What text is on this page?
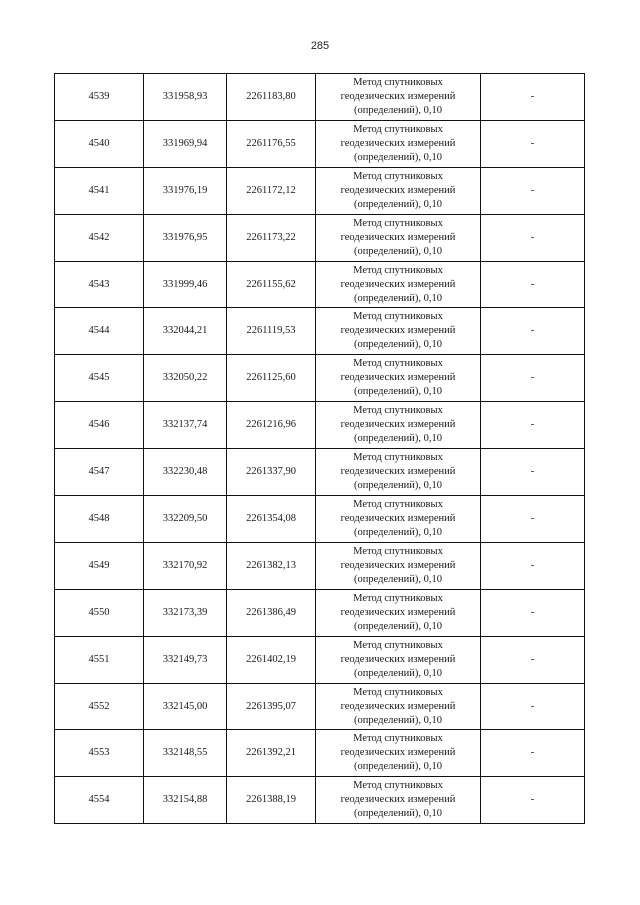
285
4539	331958,93	2261183,80	Метод спутниковых
геодезических измерений
(определений), 0,10	-
4540	331969,94	2261176,55	Метод спутниковых
геодезических измерений
(определений), 0,10	-
4541	331976,19	2261172,12	Метод спутниковых
геодезических измерений
(определений), 0,10	-
4542	331976,95	2261173,22	Метод спутниковых
геодезических измерений
(определений), 0,10	-
4543	331999,46	2261155,62	Метод спутниковых
геодезических измерений
(определений), 0,10	-
4544	332044,21	2261119,53	Метод спутниковых
геодезических измерений
(определений), 0,10	-
4545	332050,22	2261125,60	Метод спутниковых
геодезических измерений
(определений), 0,10	-
4546	332137,74	2261216,96	Метод спутниковых
геодезических измерений
(определений), 0,10	-
4547	332230,48	2261337,90	Метод спутниковых
геодезических измерений
(определений), 0,10	-
4548	332209,50	2261354,08	Метод спутниковых
геодезических измерений
(определений), 0,10	-
4549	332170,92	2261382,13	Метод спутниковых
геодезических измерений
(определений), 0,10	-
4550	332173,39	2261386,49	Метод спутниковых
геодезических измерений
(определений), 0,10	-
4551	332149,73	2261402,19	Метод спутниковых
геодезических измерений
(определений), 0,10	-
4552	332145,00	2261395,07	Метод спутниковых
геодезических измерений
(определений), 0,10	-
4553	332148,55	2261392,21	Метод спутниковых
геодезических измерений
(определений), 0,10	-
4554	332154,88	2261388,19	Метод спутниковых
геодезических измерений
(определений), 0,10	-
